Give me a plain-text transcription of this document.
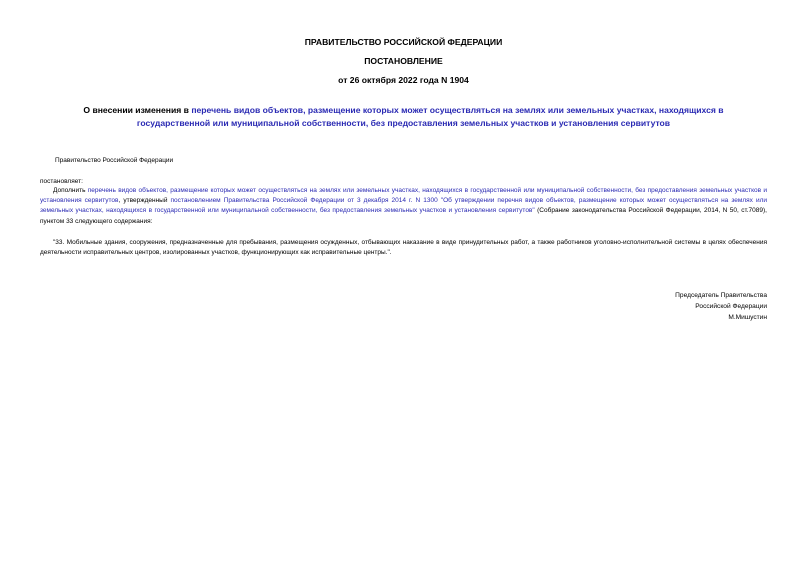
ПРАВИТЕЛЬСТВО РОССИЙСКОЙ ФЕДЕРАЦИИ
ПОСТАНОВЛЕНИЕ
от 26 октября 2022 года N 1904
О внесении изменения в перечень видов объектов, размещение которых может осуществляться на землях или земельных участках, находящихся в государственной или муниципальной собственности, без предоставления земельных участков и установления сервитутов
Правительство Российской Федерации
постановляет:
Дополнить перечень видов объектов, размещение которых может осуществляться на землях или земельных участках, находящихся в государственной или муниципальной собственности, без предоставления земельных участков и установления сервитутов, утвержденный постановлением Правительства Российской Федерации от 3 декабря 2014 г. N 1300 "Об утверждении перечня видов объектов, размещение которых может осуществляться на землях или земельных участках, находящихся в государственной или муниципальной собственности, без предоставления земельных участков и установления сервитутов" (Собрание законодательства Российской Федерации, 2014, N 50, ст.7089), пунктом 33 следующего содержания:
"33. Мобильные здания, сооружения, предназначенные для пребывания, размещения осужденных, отбывающих наказание в виде принудительных работ, а также работников уголовно-исполнительной системы в целях обеспечения деятельности исправительных центров, изолированных участков, функционирующих как исправительные центры.".
Председатель Правительства
Российской Федерации
М.Мишустин
